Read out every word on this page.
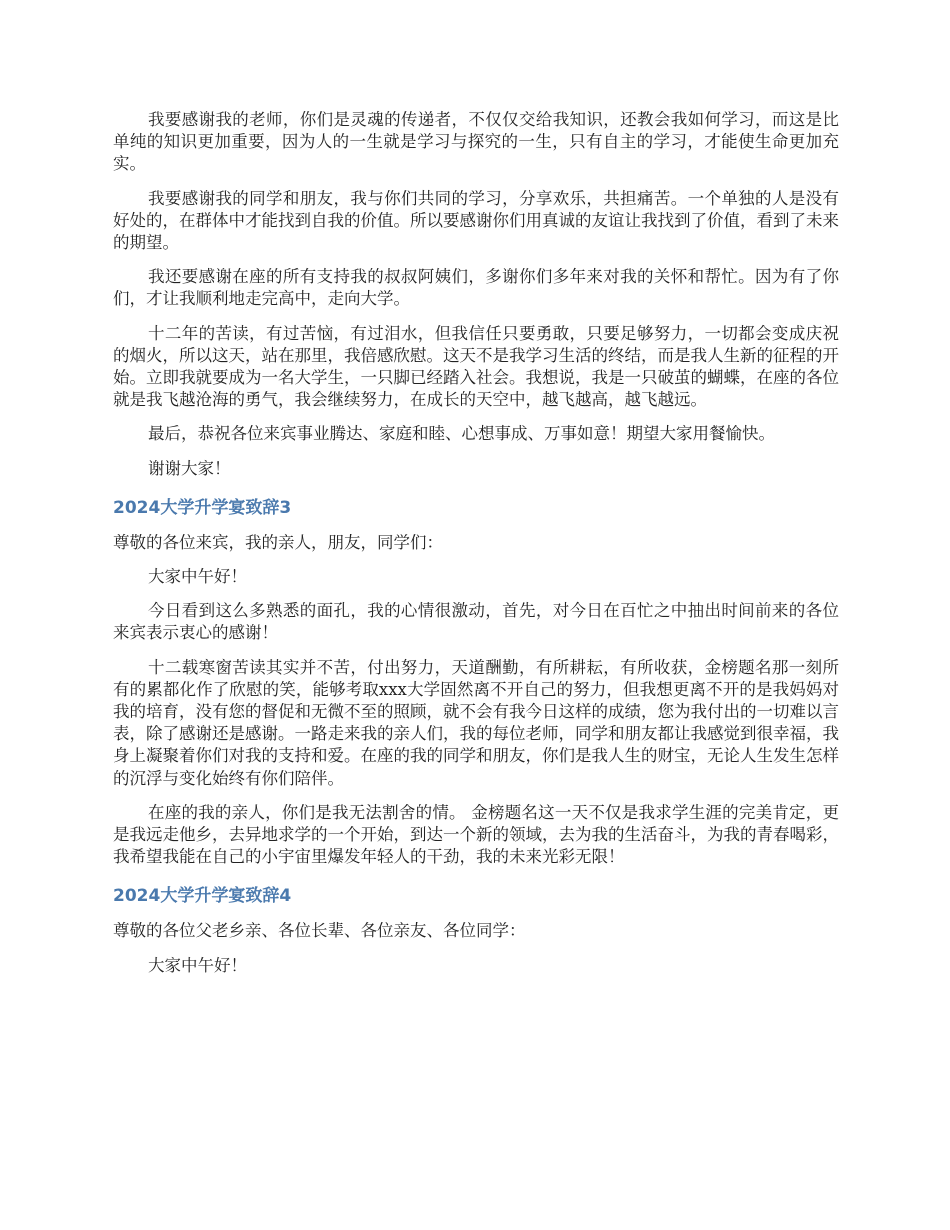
我要感谢我的老师，你们是灵魂的传递者，不仅仅交给我知识，还教会我如何学习，而这是比单纯的知识更加重要，因为人的一生就是学习与探究的一生，只有自主的学习，才能使生命更加充实。

我要感谢我的同学和朋友，我与你们共同的学习，分享欢乐，共担痛苦。一个单独的人是没有好处的，在群体中才能找到自我的价值。所以要感谢你们用真诚的友谊让我找到了价值，看到了未来的期望。

我还要感谢在座的所有支持我的叔叔阿姨们，多谢你们多年来对我的关怀和帮忙。因为有了你们，才让我顺利地走完高中，走向大学。

十二年的苦读，有过苦恼，有过泪水，但我信任只要勇敢，只要足够努力，一切都会变成庆祝的烟火，所以这天，站在那里，我倍感欣慰。这天不是我学习生活的终结，而是我人生新的征程的开始。立即我就要成为一名大学生，一只脚已经踏入社会。我想说，我是一只破茧的蝴蝶，在座的各位就是我飞越沧海的勇气，我会继续努力，在成长的天空中，越飞越高，越飞越远。

最后，恭祝各位来宾事业腾达、家庭和睦、心想事成、万事如意！期望大家用餐愉快。

谢谢大家！

2024大学升学宴致辞3

尊敬的各位来宾，我的亲人，朋友，同学们：

大家中午好！

今日看到这么多熟悉的面孔，我的心情很激动，首先，对今日在百忙之中抽出时间前来的各位来宾表示衷心的感谢！

十二载寒窗苦读其实并不苦，付出努力，天道酬勤，有所耕耘，有所收获，金榜题名那一刻所有的累都化作了欣慰的笑，能够考取xxx大学固然离不开自己的努力，但我想更离不开的是我妈妈对我的培育，没有您的督促和无微不至的照顾，就不会有我今日这样的成绩，您为我付出的一切难以言表，除了感谢还是感谢。一路走来我的亲人们，我的每位老师，同学和朋友都让我感觉到很幸福，我身上凝聚着你们对我的支持和爱。在座的我的同学和朋友，你们是我人生的财宝，无论人生发生怎样的沉浮与变化始终有你们陪伴。

在座的我的亲人，你们是我无法割舍的情。 金榜题名这一天不仅是我求学生涯的完美肯定，更是我远走他乡，去异地求学的一个开始，到达一个新的领域，去为我的生活奋斗，为我的青春喝彩，我希望我能在自己的小宇宙里爆发年轻人的干劲，我的未来光彩无限！

2024大学升学宴致辞4

尊敬的各位父老乡亲、各位长辈、各位亲友、各位同学：

大家中午好！
